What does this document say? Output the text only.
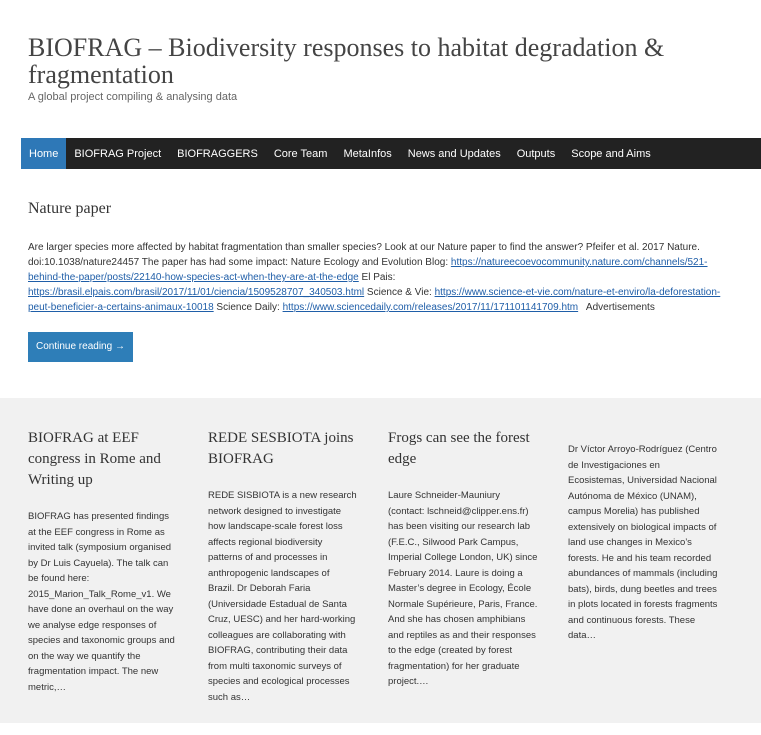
BIOFRAG – Biodiversity responses to habitat degradation & fragmentation
A global project compiling & analysing data
Home	BIOFRAG Project	BIOFRAGGERS	Core Team	MetaInfos	News and Updates	Outputs	Scope and Aims
Nature paper
Are larger species more affected by habitat fragmentation than smaller species? Look at our Nature paper to find the answer? Pfeifer et al. 2017 Nature. doi:10.1038/nature24457 The paper has had some impact: Nature Ecology and Evolution Blog: https://natureecoevocommunity.nature.com/channels/521-behind-the-paper/posts/22140-how-species-act-when-they-are-at-the-edge El Pais: https://brasil.elpais.com/brasil/2017/11/01/ciencia/1509528707_340503.html Science & Vie: https://www.science-et-vie.com/nature-et-enviro/la-deforestation-peut-beneficier-a-certains-animaux-10018 Science Daily: https://www.sciencedaily.com/releases/2017/11/171101141709.htm   Advertisements
Continue reading →
BIOFRAG at EEF congress in Rome and Writing up

BIOFRAG has presented findings at the EEF congress in Rome as invited talk (symposium organised by Dr Luis Cayuela). The talk can be found here: 2015_Marion_Talk_Rome_v1. We have done an overhaul on the way we analyse edge responses of species and taxonomic groups and on the way we quantify the fragmentation impact. The new metric,…

REDE SESBIOTA joins BIOFRAG

REDE SISBIOTA is a new research network designed to investigate how landscape-scale forest loss affects regional biodiversity patterns of and processes in anthropogenic landscapes of Brazil. Dr Deborah Faria (Universidade Estadual de Santa Cruz, UESC) and her hard-working colleagues are collaborating with BIOFRAG, contributing their data from multi taxonomic surveys of species and ecological processes such as…

Frogs can see the forest edge

Laure Schneider-Mauniury (contact: lschneid@clipper.ens.fr) has been visiting our research lab (F.E.C., Silwood Park Campus, Imperial College London, UK) since February 2014. Laure is doing a Master’s degree in Ecology, École Normale Supérieure, Paris, France. And she has chosen amphibians and reptiles as and their responses to the edge (created by forest fragmentation) for her graduate project.…

Dr Víctor Arroyo-Rodríguez (Centro de Investigaciones en Ecosistemas, Universidad Nacional Autónoma de México (UNAM), campus Morelia) has published extensively on biological impacts of land use changes in Mexico’s forests. He and his team recorded abundances of mammals (including bats), birds, dung beetles and trees in plots located in forests fragments and continuous forests. These data…
